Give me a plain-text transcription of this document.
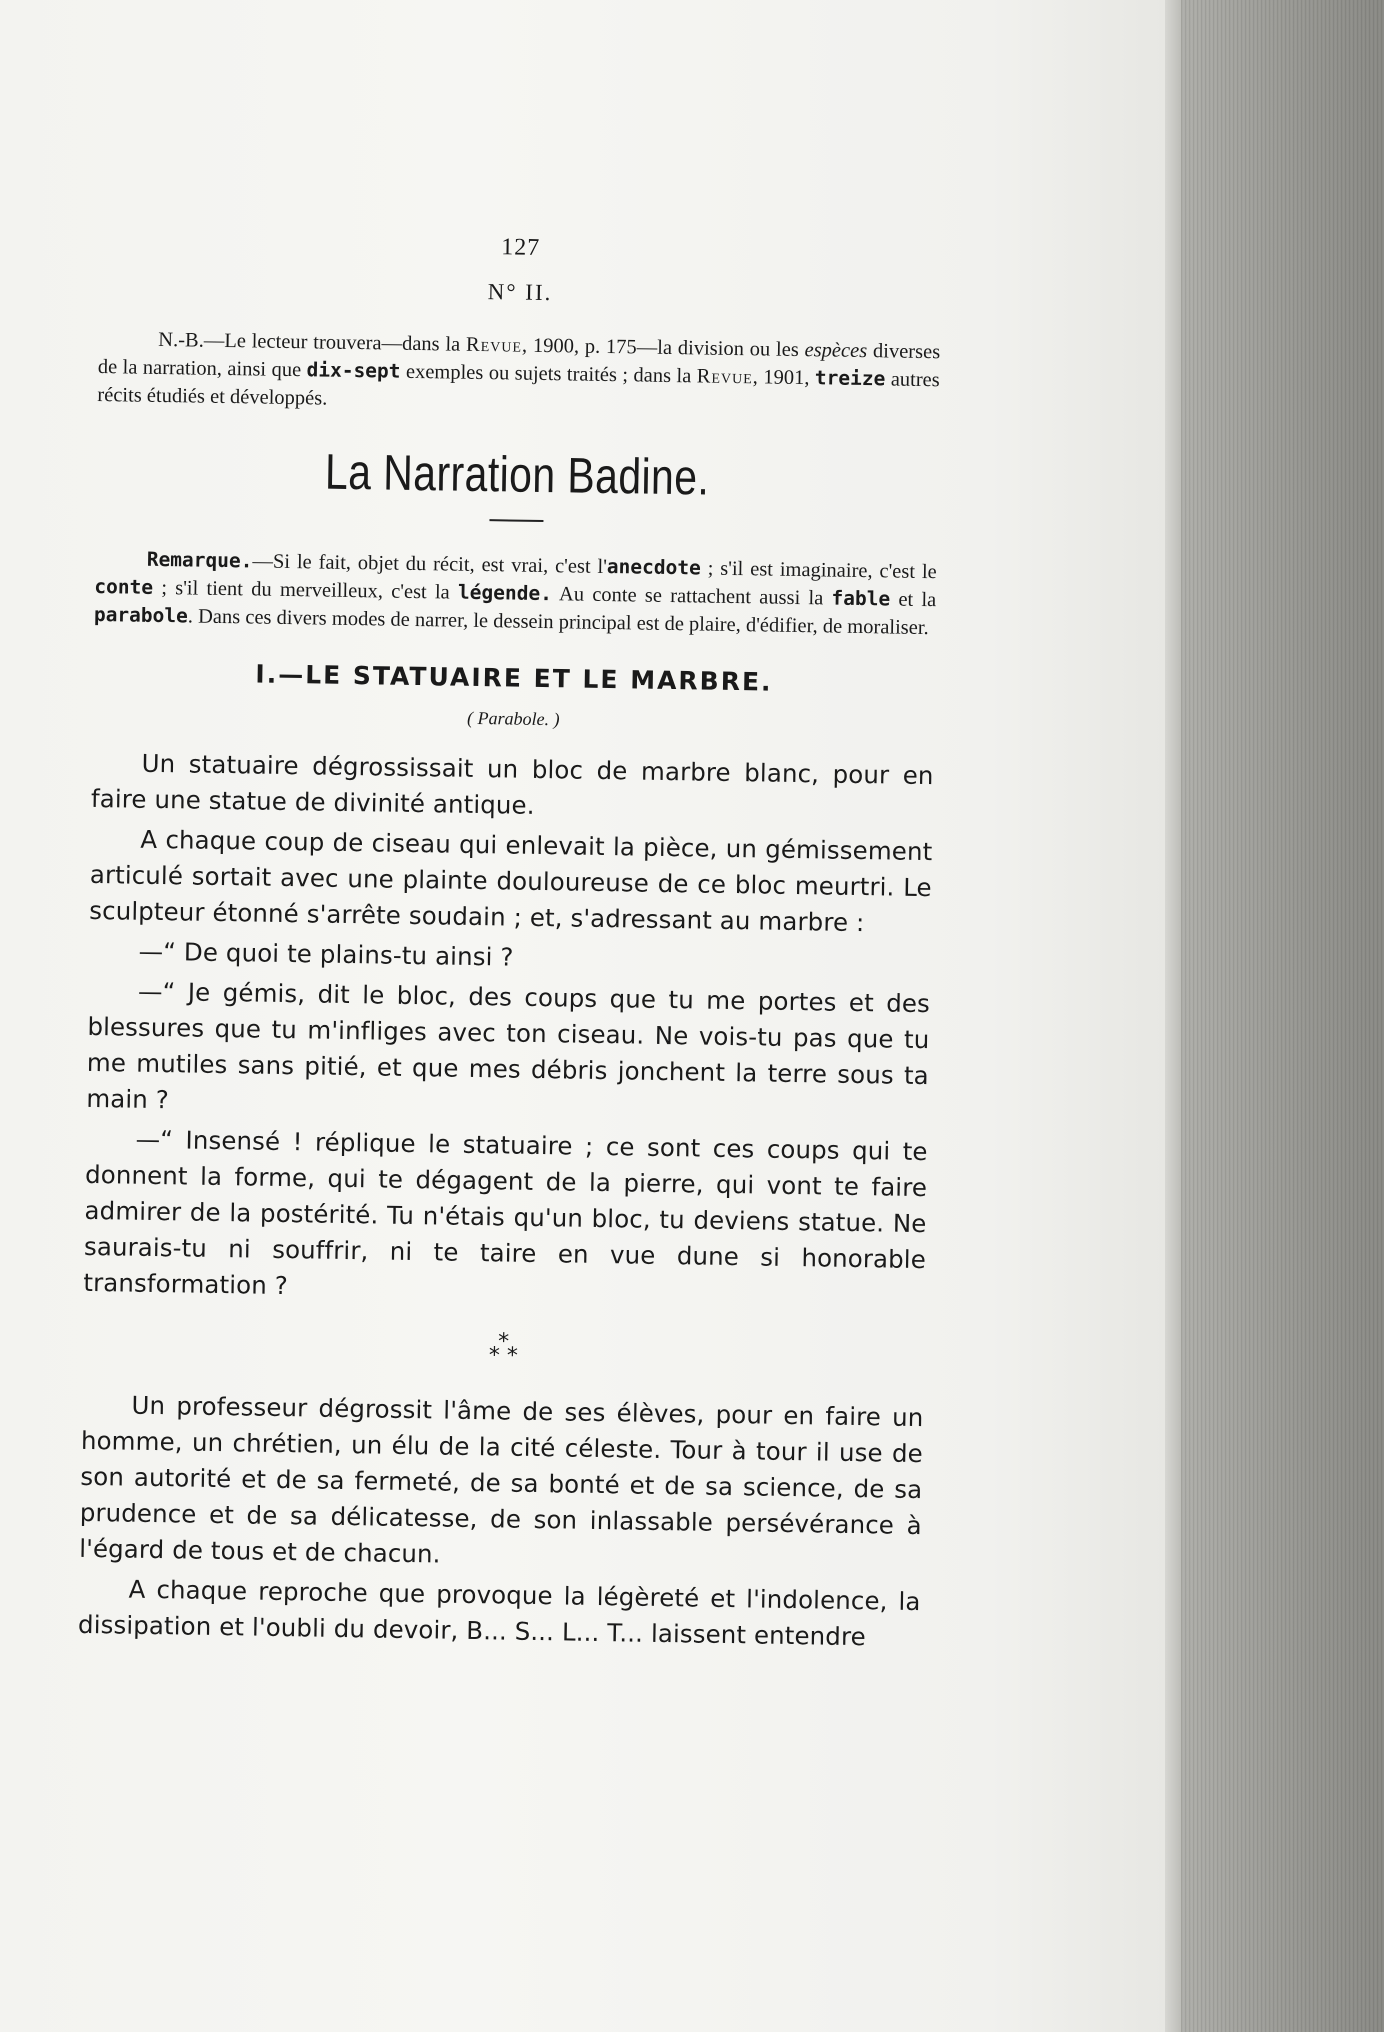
127
N° II.
N.-B.—Le lecteur trouvera—dans la Revue, 1900, p. 175—la division ou les espèces diverses de la narration, ainsi que dix-sept exemples ou sujets traités ; dans la Revue, 1901, treize autres récits étudiés et développés.
La Narration Badine.
Remarque.—Si le fait, objet du récit, est vrai, c'est l'anecdote ; s'il est imaginaire, c'est le conte ; s'il tient du merveilleux, c'est la légende. Au conte se rattachent aussi la fable et la parabole. Dans ces divers modes de narrer, le dessein principal est de plaire, d'édifier, de moraliser.
I.—LE STATUAIRE ET LE MARBRE.
( Parabole. )

Un statuaire dégrossissait un bloc de marbre blanc, pour en faire une statue de divinité antique.

A chaque coup de ciseau qui enlevait la pièce, un gémissement articulé sortait avec une plainte douloureuse de ce bloc meurtri. Le sculpteur étonné s'arrête soudain ; et, s'adressant au marbre :

—“ De quoi te plains-tu ainsi ?

—“ Je gémis, dit le bloc, des coups que tu me portes et des blessures que tu m'infliges avec ton ciseau. Ne vois-tu pas que tu me mutiles sans pitié, et que mes débris jonchent la terre sous ta main ?

—“ Insensé ! réplique le statuaire ; ce sont ces coups qui te donnent la forme, qui te dégagent de la pierre, qui vont te faire admirer de la postérité. Tu n'étais qu'un bloc, tu deviens statue. Ne saurais-tu ni souffrir, ni te taire en vue dune si honorable transformation ?

*
* *

Un professeur dégrossit l'âme de ses élèves, pour en faire un homme, un chrétien, un élu de la cité céleste. Tour à tour il use de son autorité et de sa fermeté, de sa bonté et de sa science, de sa prudence et de sa délicatesse, de son inlassable persévérance à l'égard de tous et de chacun.

A chaque reproche que provoque la légèreté et l'indolence, la dissipation et l'oubli du devoir, B... S... L... T... laissent entendre
